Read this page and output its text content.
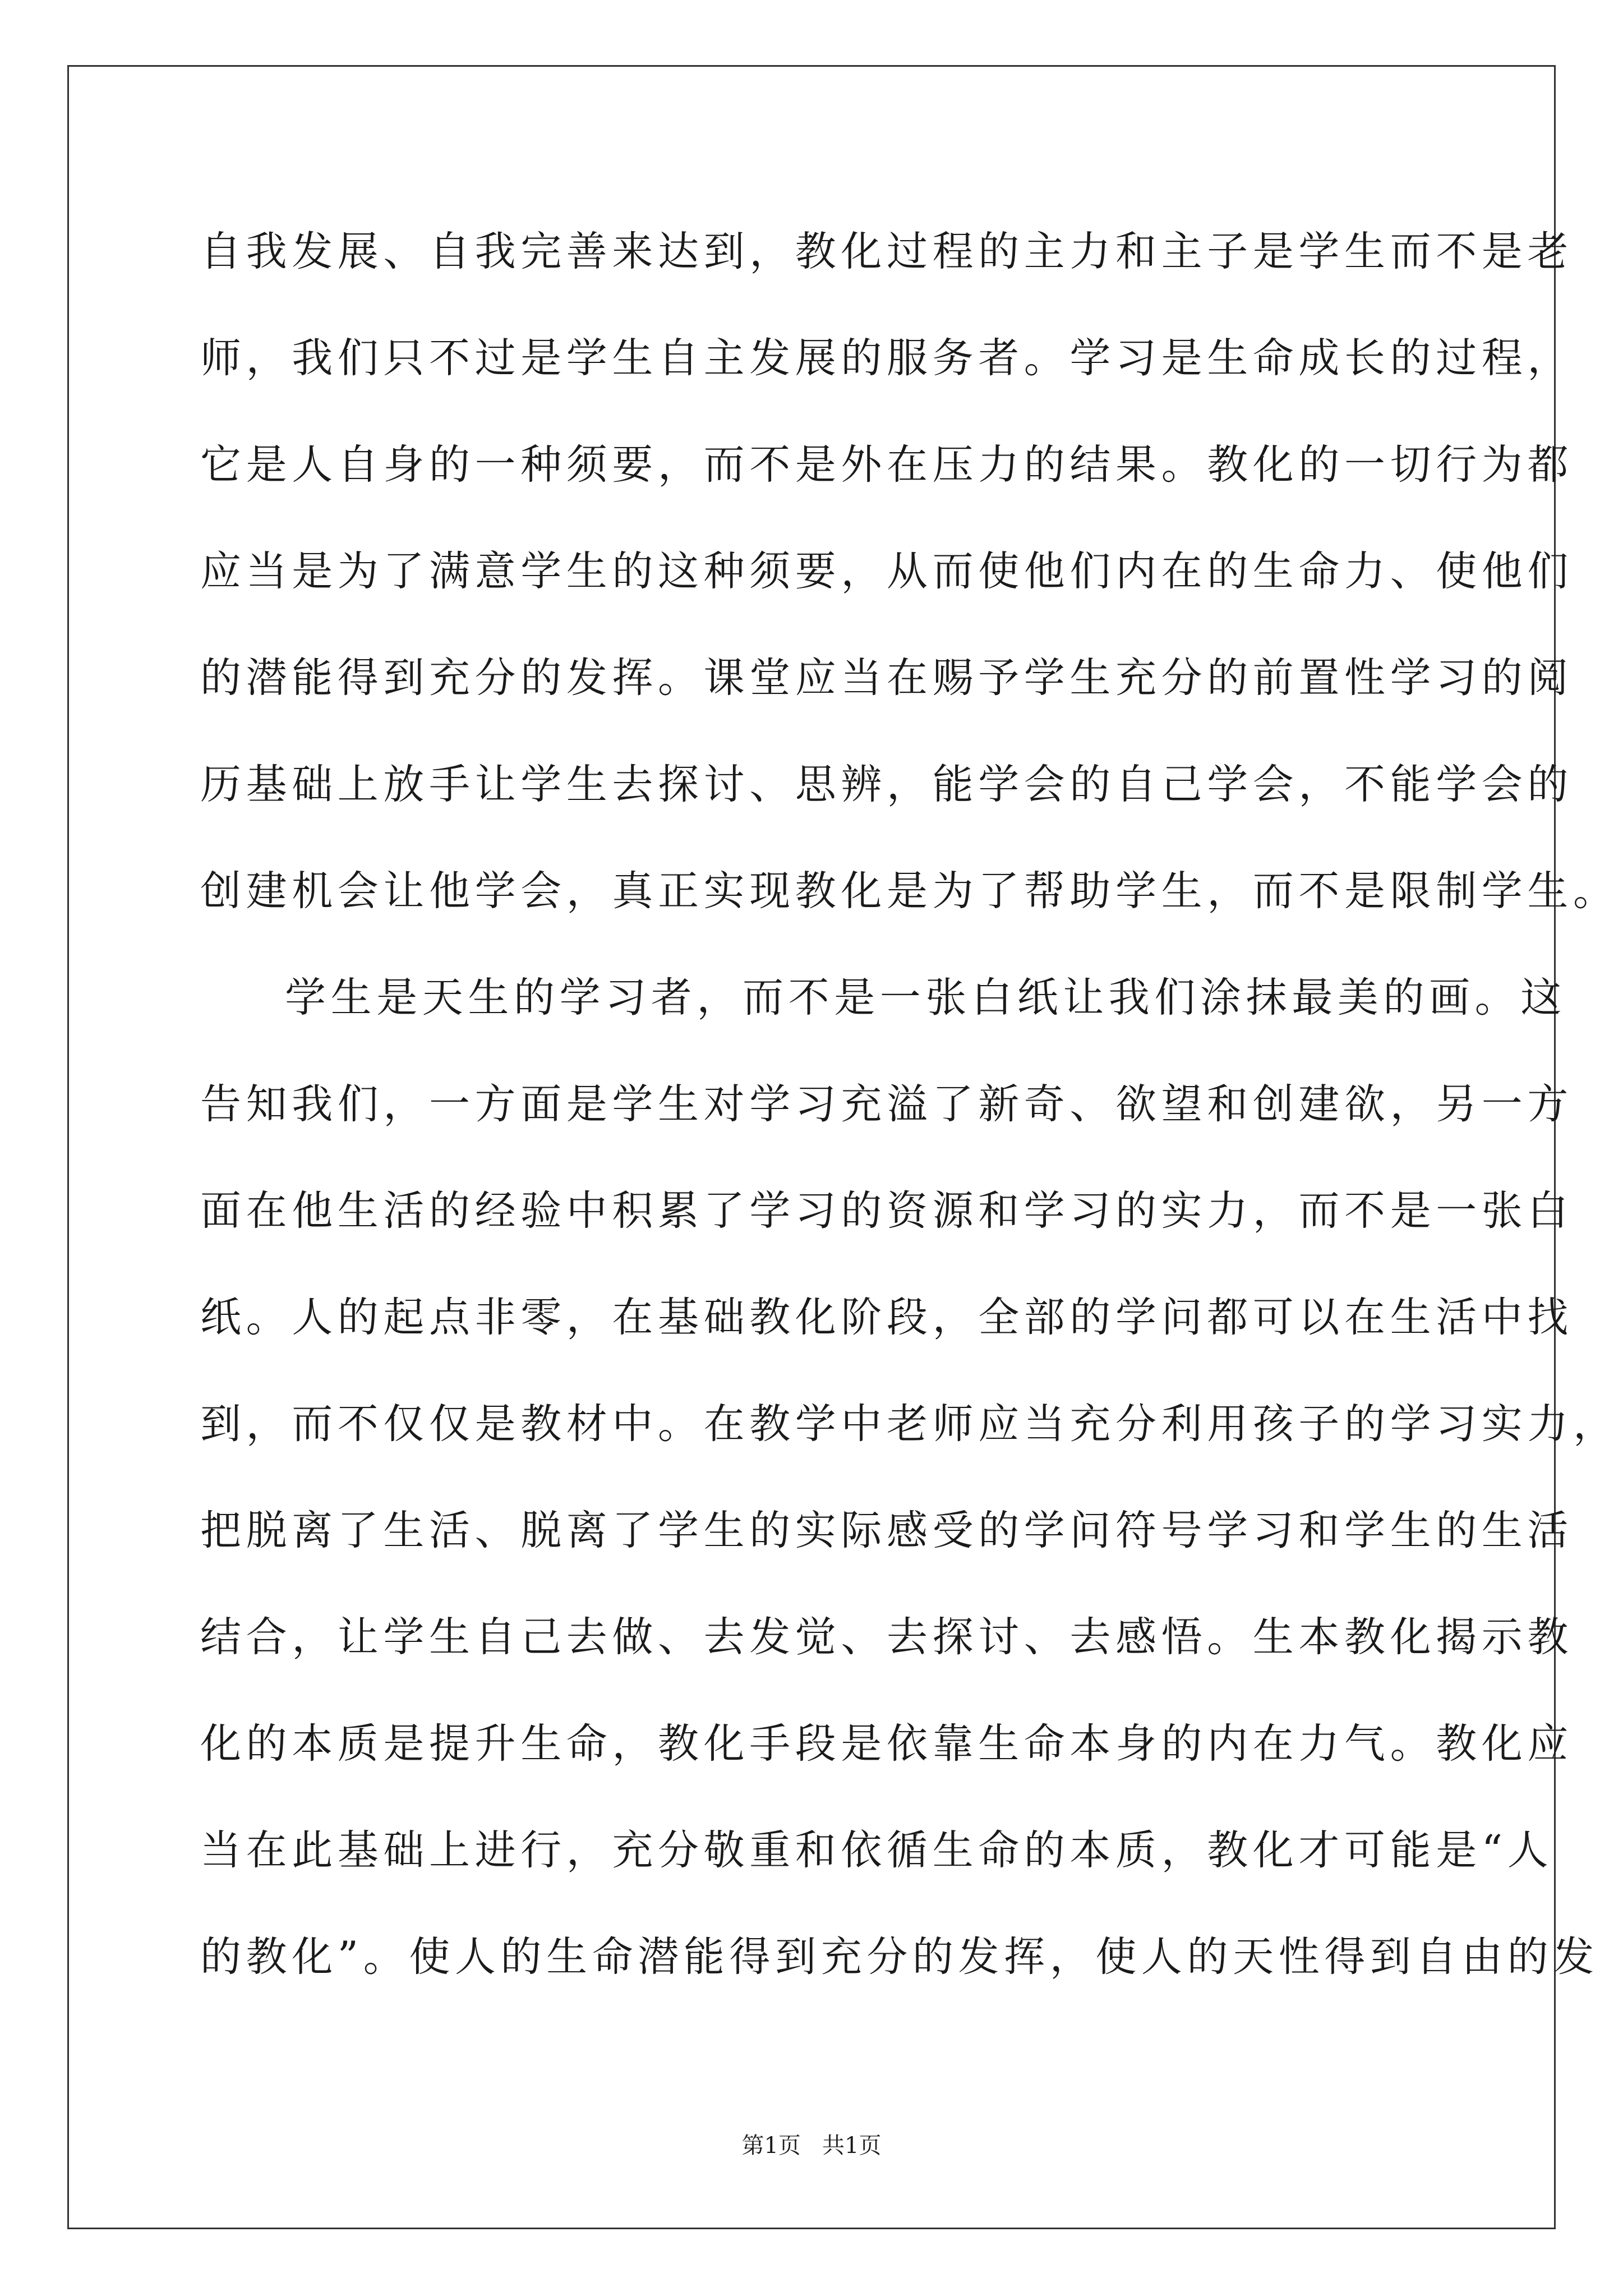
自我发展、自我完善来达到，教化过程的主力和主子是学生而不是老
师，我们只不过是学生自主发展的服务者。学习是生命成长的过程，
它是人自身的一种须要，而不是外在压力的结果。教化的一切行为都
应当是为了满意学生的这种须要，从而使他们内在的生命力、使他们
的潜能得到充分的发挥。课堂应当在赐予学生充分的前置性学习的阅
历基础上放手让学生去探讨、思辨，能学会的自己学会，不能学会的
创建机会让他学会，真正实现教化是为了帮助学生，而不是限制学生。
学生是天生的学习者，而不是一张白纸让我们涂抹最美的画。这
告知我们，一方面是学生对学习充溢了新奇、欲望和创建欲，另一方
面在他生活的经验中积累了学习的资源和学习的实力，而不是一张白
纸。人的起点非零，在基础教化阶段，全部的学问都可以在生活中找
到，而不仅仅是教材中。在教学中老师应当充分利用孩子的学习实力，
把脱离了生活、脱离了学生的实际感受的学问符号学习和学生的生活
结合，让学生自己去做、去发觉、去探讨、去感悟。生本教化揭示教
化的本质是提升生命，教化手段是依靠生命本身的内在力气。教化应
当在此基础上进行，充分敬重和依循生命的本质，教化才可能是“人
的教化”。使人的生命潜能得到充分的发挥，使人的天性得到自由的发
第1页   共1页
